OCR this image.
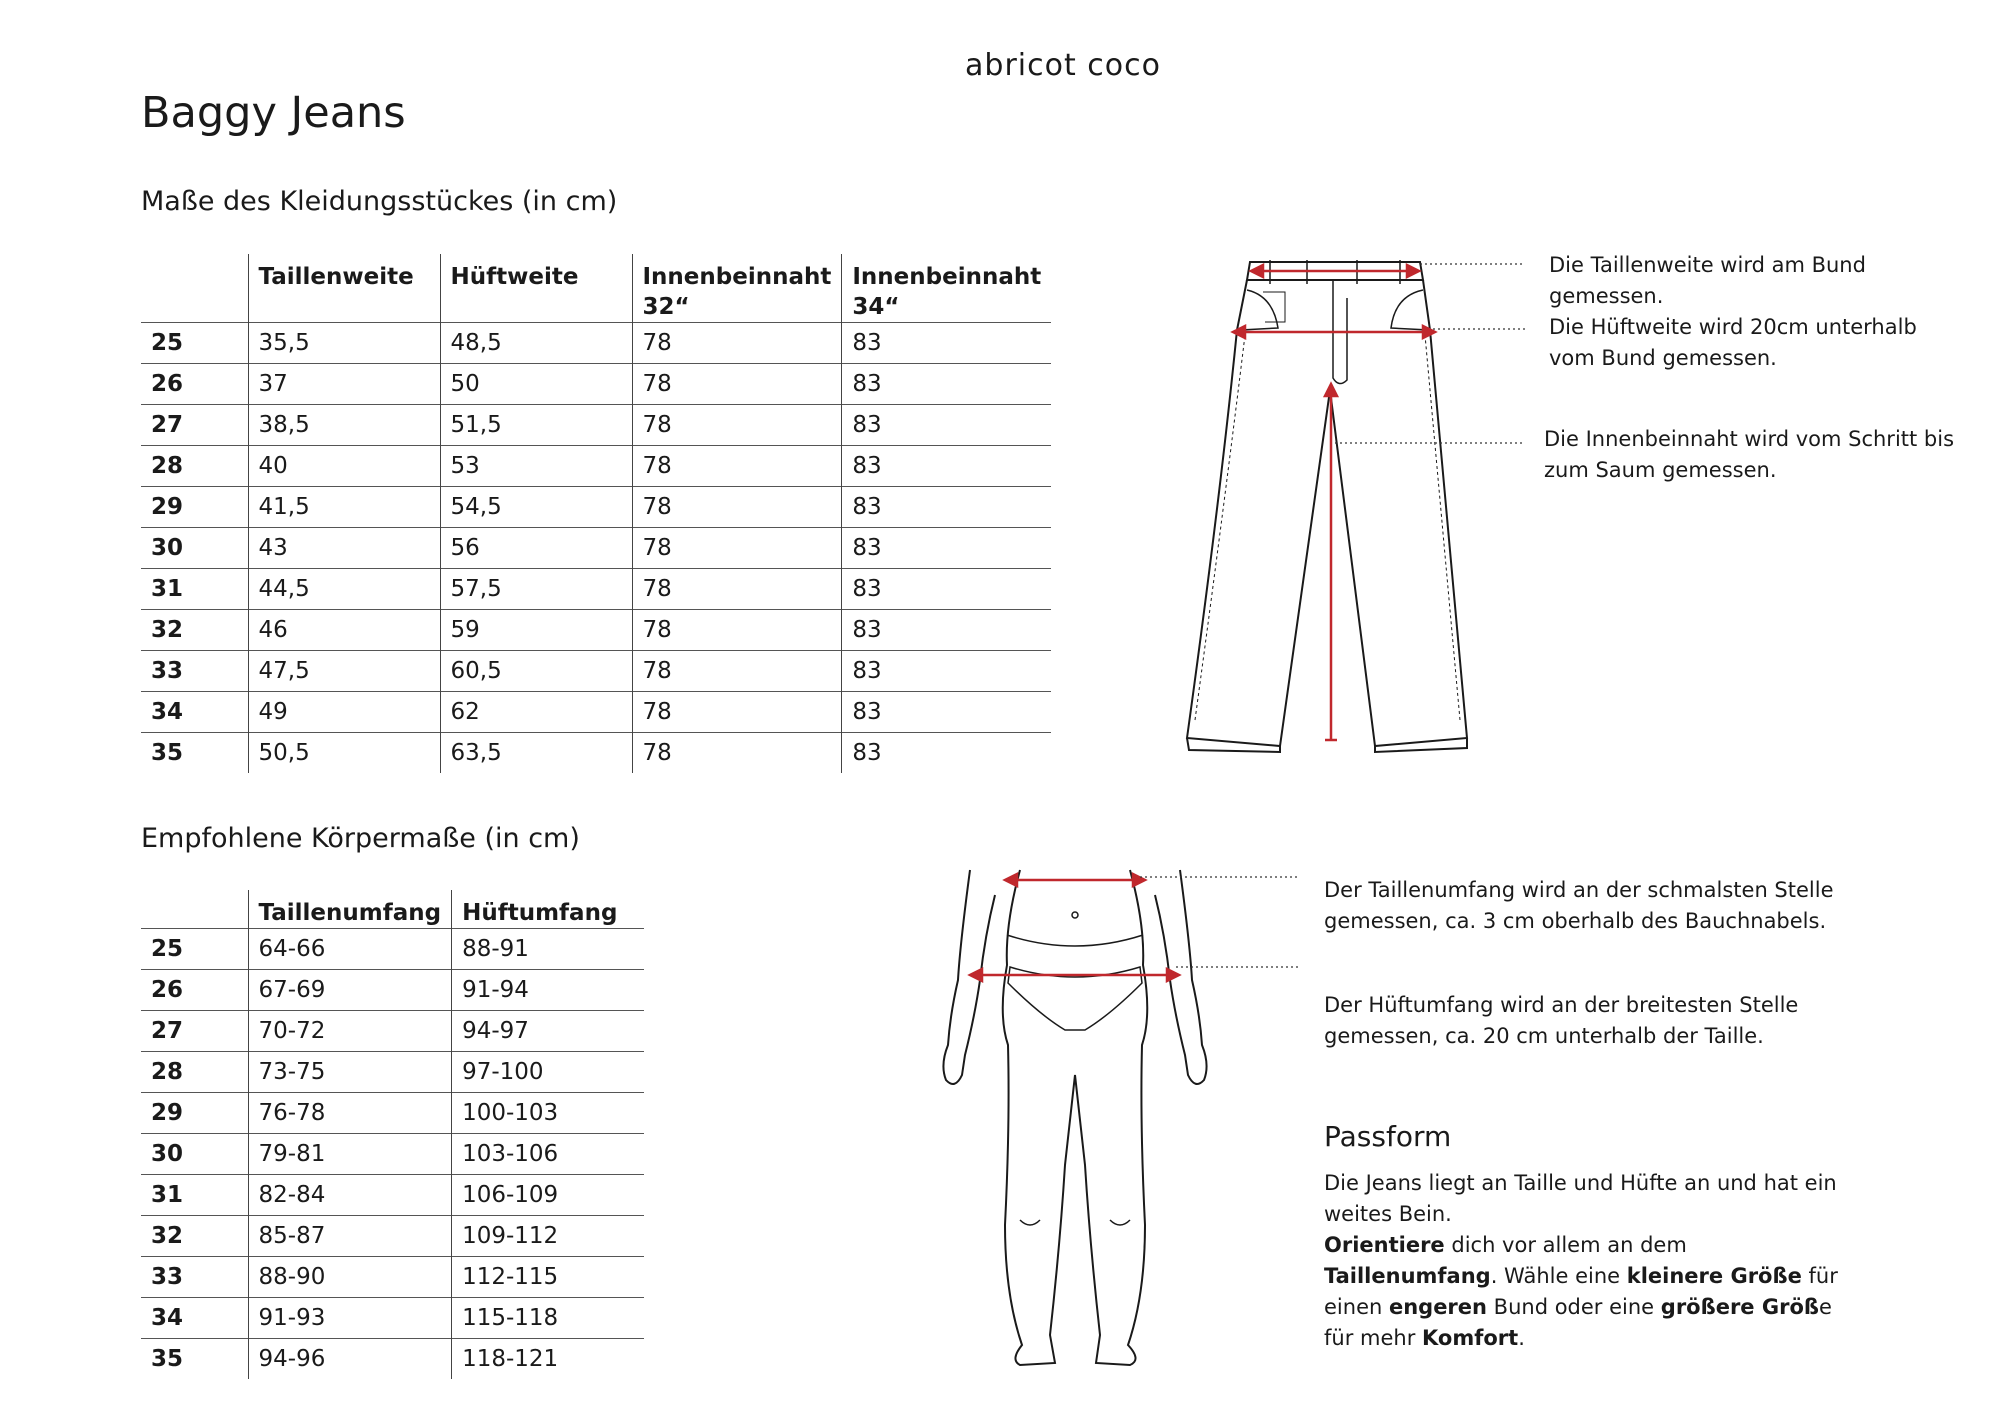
abricot coco
Baggy Jeans
Maße des Kleidungsstückes (in cm)
	Taillenweite	Hüftweite	Innenbeinnaht 32“	Innenbeinnaht 34“
25	35,5	48,5	78	83
26	37	50	78	83
27	38,5	51,5	78	83
28	40	53	78	83
29	41,5	54,5	78	83
30	43	56	78	83
31	44,5	57,5	78	83
32	46	59	78	83
33	47,5	60,5	78	83
34	49	62	78	83
35	50,5	63,5	78	83
Die Taillenweite wird am Bund gemessen.
Die Hüftweite wird 20cm unterhalb vom Bund gemessen.
Die Innenbeinnaht wird vom Schritt bis zum Saum gemessen.
Empfohlene Körpermaße (in cm)
	Taillenumfang	Hüftumfang
25	64-66	88-91
26	67-69	91-94
27	70-72	94-97
28	73-75	97-100
29	76-78	100-103
30	79-81	103-106
31	82-84	106-109
32	85-87	109-112
33	88-90	112-115
34	91-93	115-118
35	94-96	118-121
Der Taillenumfang wird an der schmalsten Stelle gemessen, ca. 3 cm oberhalb des Bauchnabels.
Der Hüftumfang wird an der breitesten Stelle gemessen, ca. 20 cm unterhalb der Taille.
Passform
Die Jeans liegt an Taille und Hüfte an und hat ein weites Bein.
Orientiere dich vor allem an dem Taillenumfang. Wähle eine kleinere Größe für einen engeren Bund oder eine größere Größe für mehr Komfort.
